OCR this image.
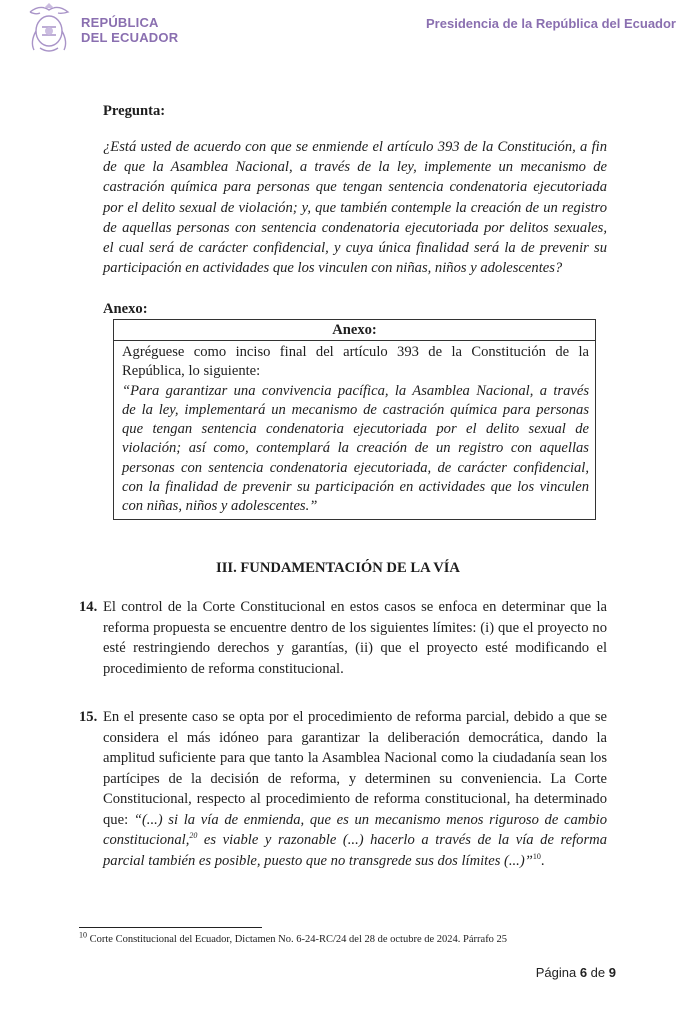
REPÚBLICA
DEL ECUADOR
Presidencia de la República del Ecuador
Pregunta:
¿Está usted de acuerdo con que se enmiende el artículo 393 de la Constitución, a fin
de que la Asamblea Nacional, a través de la ley, implemente un mecanismo de
castración química para personas que tengan sentencia condenatoria ejecutoriada
por el delito sexual de violación; y, que también contemple la creación de un registro
de aquellas personas con sentencia condenatoria ejecutoriada por delitos sexuales,
el cual será de carácter confidencial, y cuya única finalidad será la de prevenir su
participación en actividades que los vinculen con niñas, niños y adolescentes?
Anexo:
Anexo:
Agréguese como inciso final del artículo 393 de la Constitución de la
República, lo siguiente:
“Para garantizar una convivencia pacífica, la Asamblea Nacional, a través
de la ley, implementará un mecanismo de castración química para personas
que tengan sentencia condenatoria ejecutoriada por el delito sexual de
violación; así como, contemplará la creación de un registro con aquellas
personas con sentencia condenatoria ejecutoriada, de carácter confidencial,
con la finalidad de prevenir su participación en actividades que los vinculen
con niñas, niños y adolescentes.”
III. FUNDAMENTACIÓN DE LA VÍA
14. El control de la Corte Constitucional en estos casos se enfoca en determinar que la
reforma propuesta se encuentre dentro de los siguientes límites: (i) que el proyecto no
esté restringiendo derechos y garantías, (ii) que el proyecto esté modificando el
procedimiento de reforma constitucional.
15. En el presente caso se opta por el procedimiento de reforma parcial, debido a que se
considera el más idóneo para garantizar la deliberación democrática, dando la
amplitud suficiente para que tanto la Asamblea Nacional como la ciudadanía sean los
partícipes de la decisión de reforma, y determinen su conveniencia. La Corte
Constitucional, respecto al procedimiento de reforma constitucional, ha determinado
que: “(...) si la vía de enmienda, que es un mecanismo menos riguroso de cambio
constitucional,$^{20}$ es viable y razonable (...) hacerlo a través de la vía de reforma
parcial también es posible, puesto que no transgrede sus dos límites (...)”$^{10}$.
$^{10}$ Corte Constitucional del Ecuador, Dictamen No. 6-24-RC/24 del 28 de octubre de 2024. Párrafo 25
Página 6 de 9
